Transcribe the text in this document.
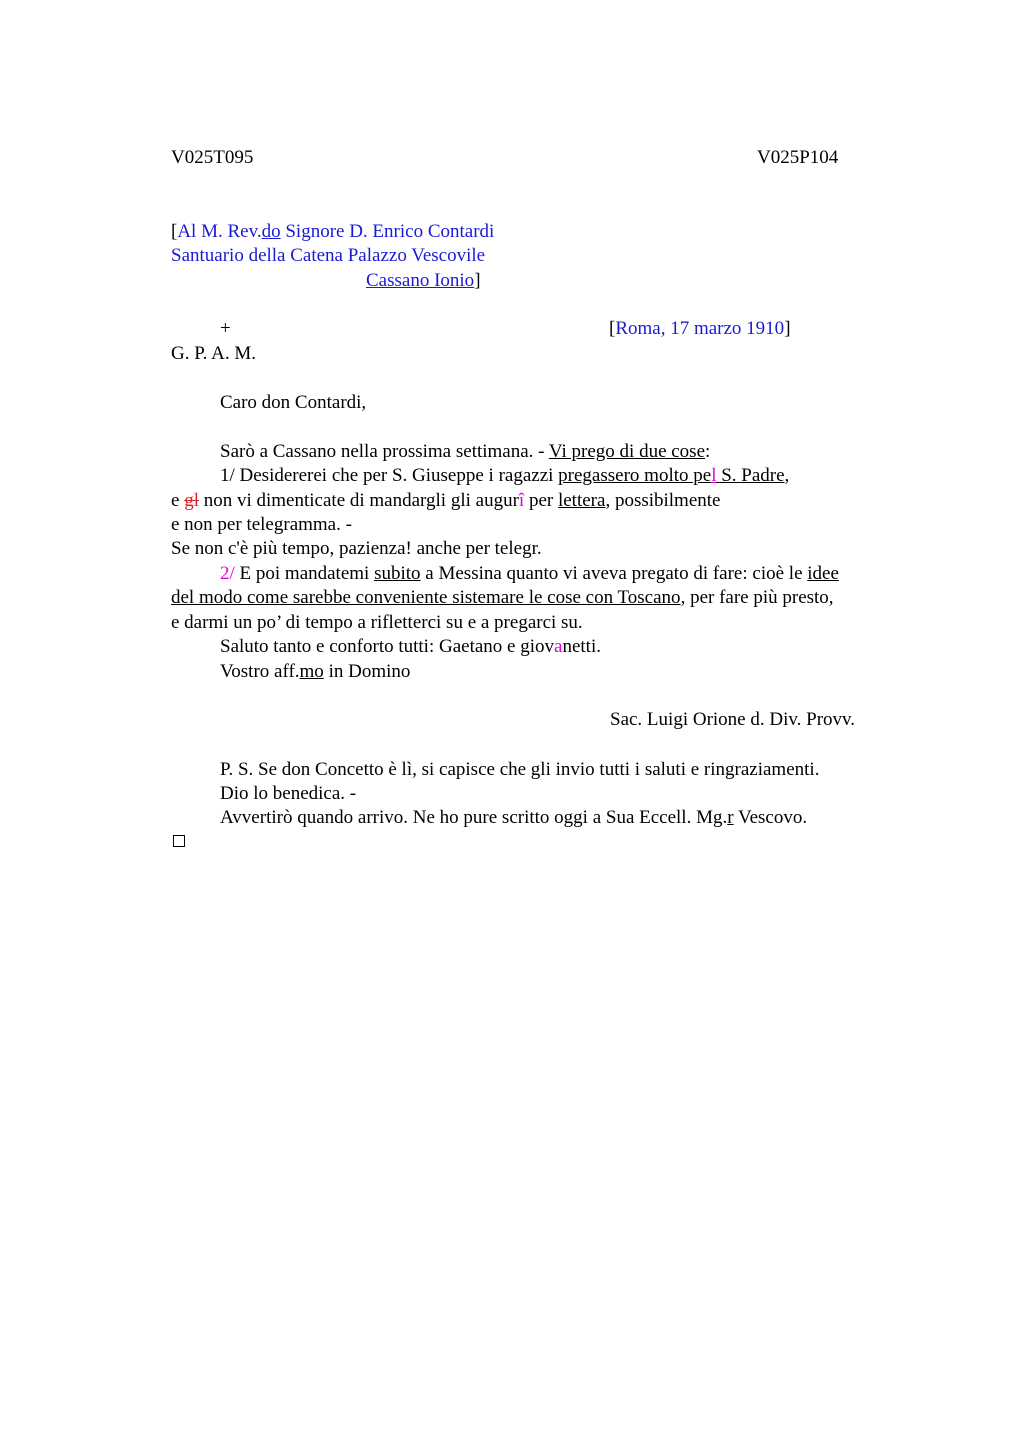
V025T095	V025P104
[Al M. Rev.do Signore D. Enrico Contardi
Santuario della Catena Palazzo Vescovile
Cassano Ionio]
+	[Roma, 17 marzo 1910]
G. P. A. M.
Caro don Contardi,
Sarò a Cassano nella prossima settimana. - Vi prego di due cose:
1/ Desidererei che per S. Giuseppe i ragazzi pregassero molto pel S. Padre,
e gl non vi dimenticate di mandargli gli augurî per lettera, possibilmente
e non per telegramma. -
Se non c'è più tempo, pazienza! anche per telegr.
2/ E poi mandatemi subito a Messina quanto vi aveva pregato di fare: cioè le idee
del modo come sarebbe conveniente sistemare le cose con Toscano, per fare più presto,
e darmi un po’ di tempo a rifletterci su e a pregarci su.
Saluto tanto e conforto tutti: Gaetano e giovanetti.
Vostro aff.mo in Domino
Sac. Luigi Orione d. Div. Provv.
P. S. Se don Concetto è lì, si capisce che gli invio tutti i saluti e ringraziamenti.
Dio lo benedica. -
Avvertirò quando arrivo. Ne ho pure scritto oggi a Sua Eccell. Mg.r Vescovo.
